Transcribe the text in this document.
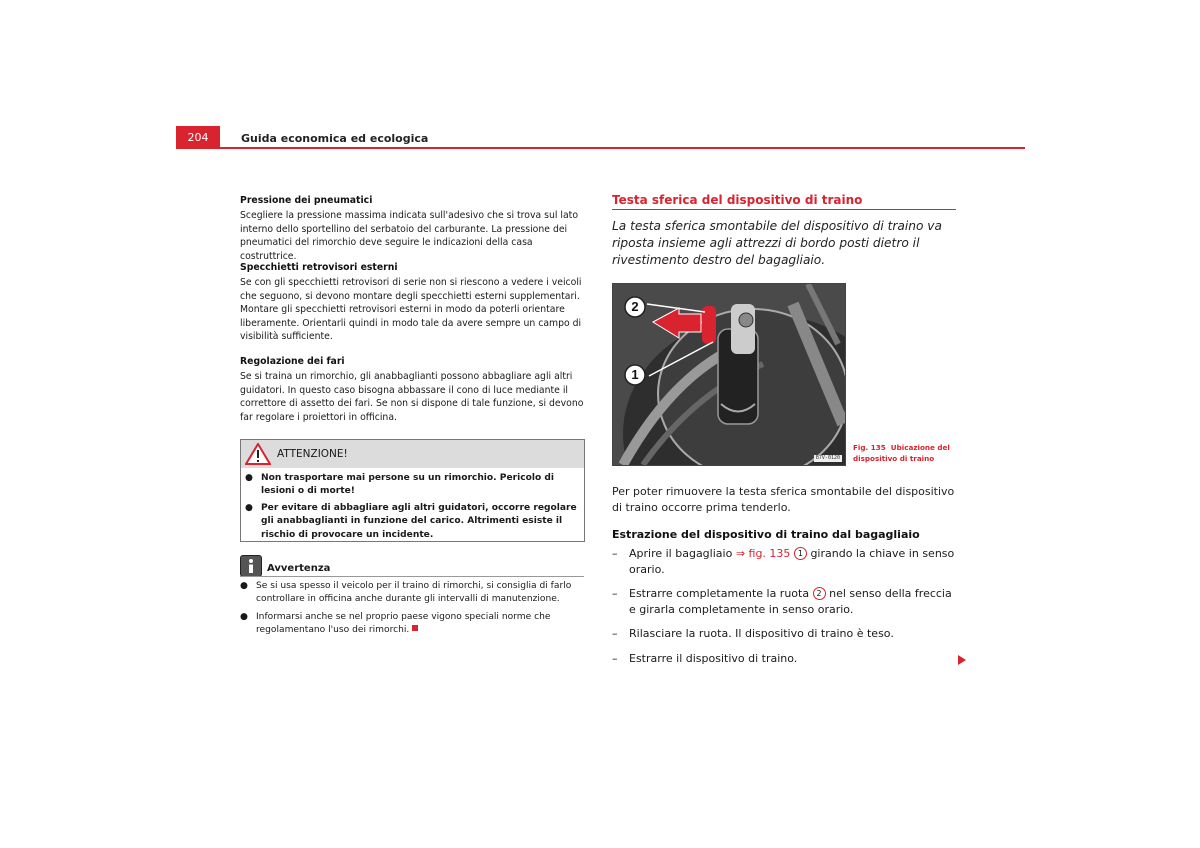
204	Guida economica ed ecologica

Pressione dei pneumatici

Scegliere la pressione massima indicata sull'adesivo che si trova sul lato interno dello sportellino del serbatoio del carburante. La pressione dei pneumatici del rimorchio deve seguire le indicazioni della casa costruttrice.

Specchietti retrovisori esterni

Se con gli specchietti retrovisori di serie non si riescono a vedere i veicoli che seguono, si devono montare degli specchietti esterni supplementari. Montare gli specchietti retrovisori esterni in modo da poterli orientare liberamente. Orientarli quindi in modo tale da avere sempre un campo di visibilità sufficiente.

Regolazione dei fari

Se si traina un rimorchio, gli anabbaglianti possono abbagliare agli altri guidatori. In questo caso bisogna abbassare il cono di luce mediante il correttore di assetto dei fari. Se non si dispone di tale funzione, si devono far regolare i proiettori in officina.

ATTENZIONE!
● Non trasportare mai persone su un rimorchio. Pericolo di lesioni o di morte!
● Per evitare di abbagliare agli altri guidatori, occorre regolare gli anabbaglianti in funzione del carico. Altrimenti esiste il rischio di provocare un incidente.
Avvertenza
● Se si usa spesso il veicolo per il traino di rimorchi, si consiglia di farlo controllare in officina anche durante gli intervalli di manutenzione.
● Informarsi anche se nel proprio paese vigono speciali norme che regolamentano l'uso dei rimorchi.
Testa sferica del dispositivo di traino
La testa sferica smontabile del dispositivo di traino va riposta insieme agli attrezzi di bordo posti dietro il rivestimento destro del bagagliaio.
1
2
B7V-0120
Fig. 135 Ubicazione del dispositivo di traino
Per poter rimuovere la testa sferica smontabile del dispositivo di traino occorre prima tenderlo.
Estrazione del dispositivo di traino dal bagagliaio
– Aprire il bagagliaio ⇒ fig. 135 1 girando la chiave in senso orario.
– Estrarre completamente la ruota 2 nel senso della freccia e girarla completamente in senso orario.
– Rilasciare la ruota. Il dispositivo di traino è teso.
– Estrarre il dispositivo di traino.
